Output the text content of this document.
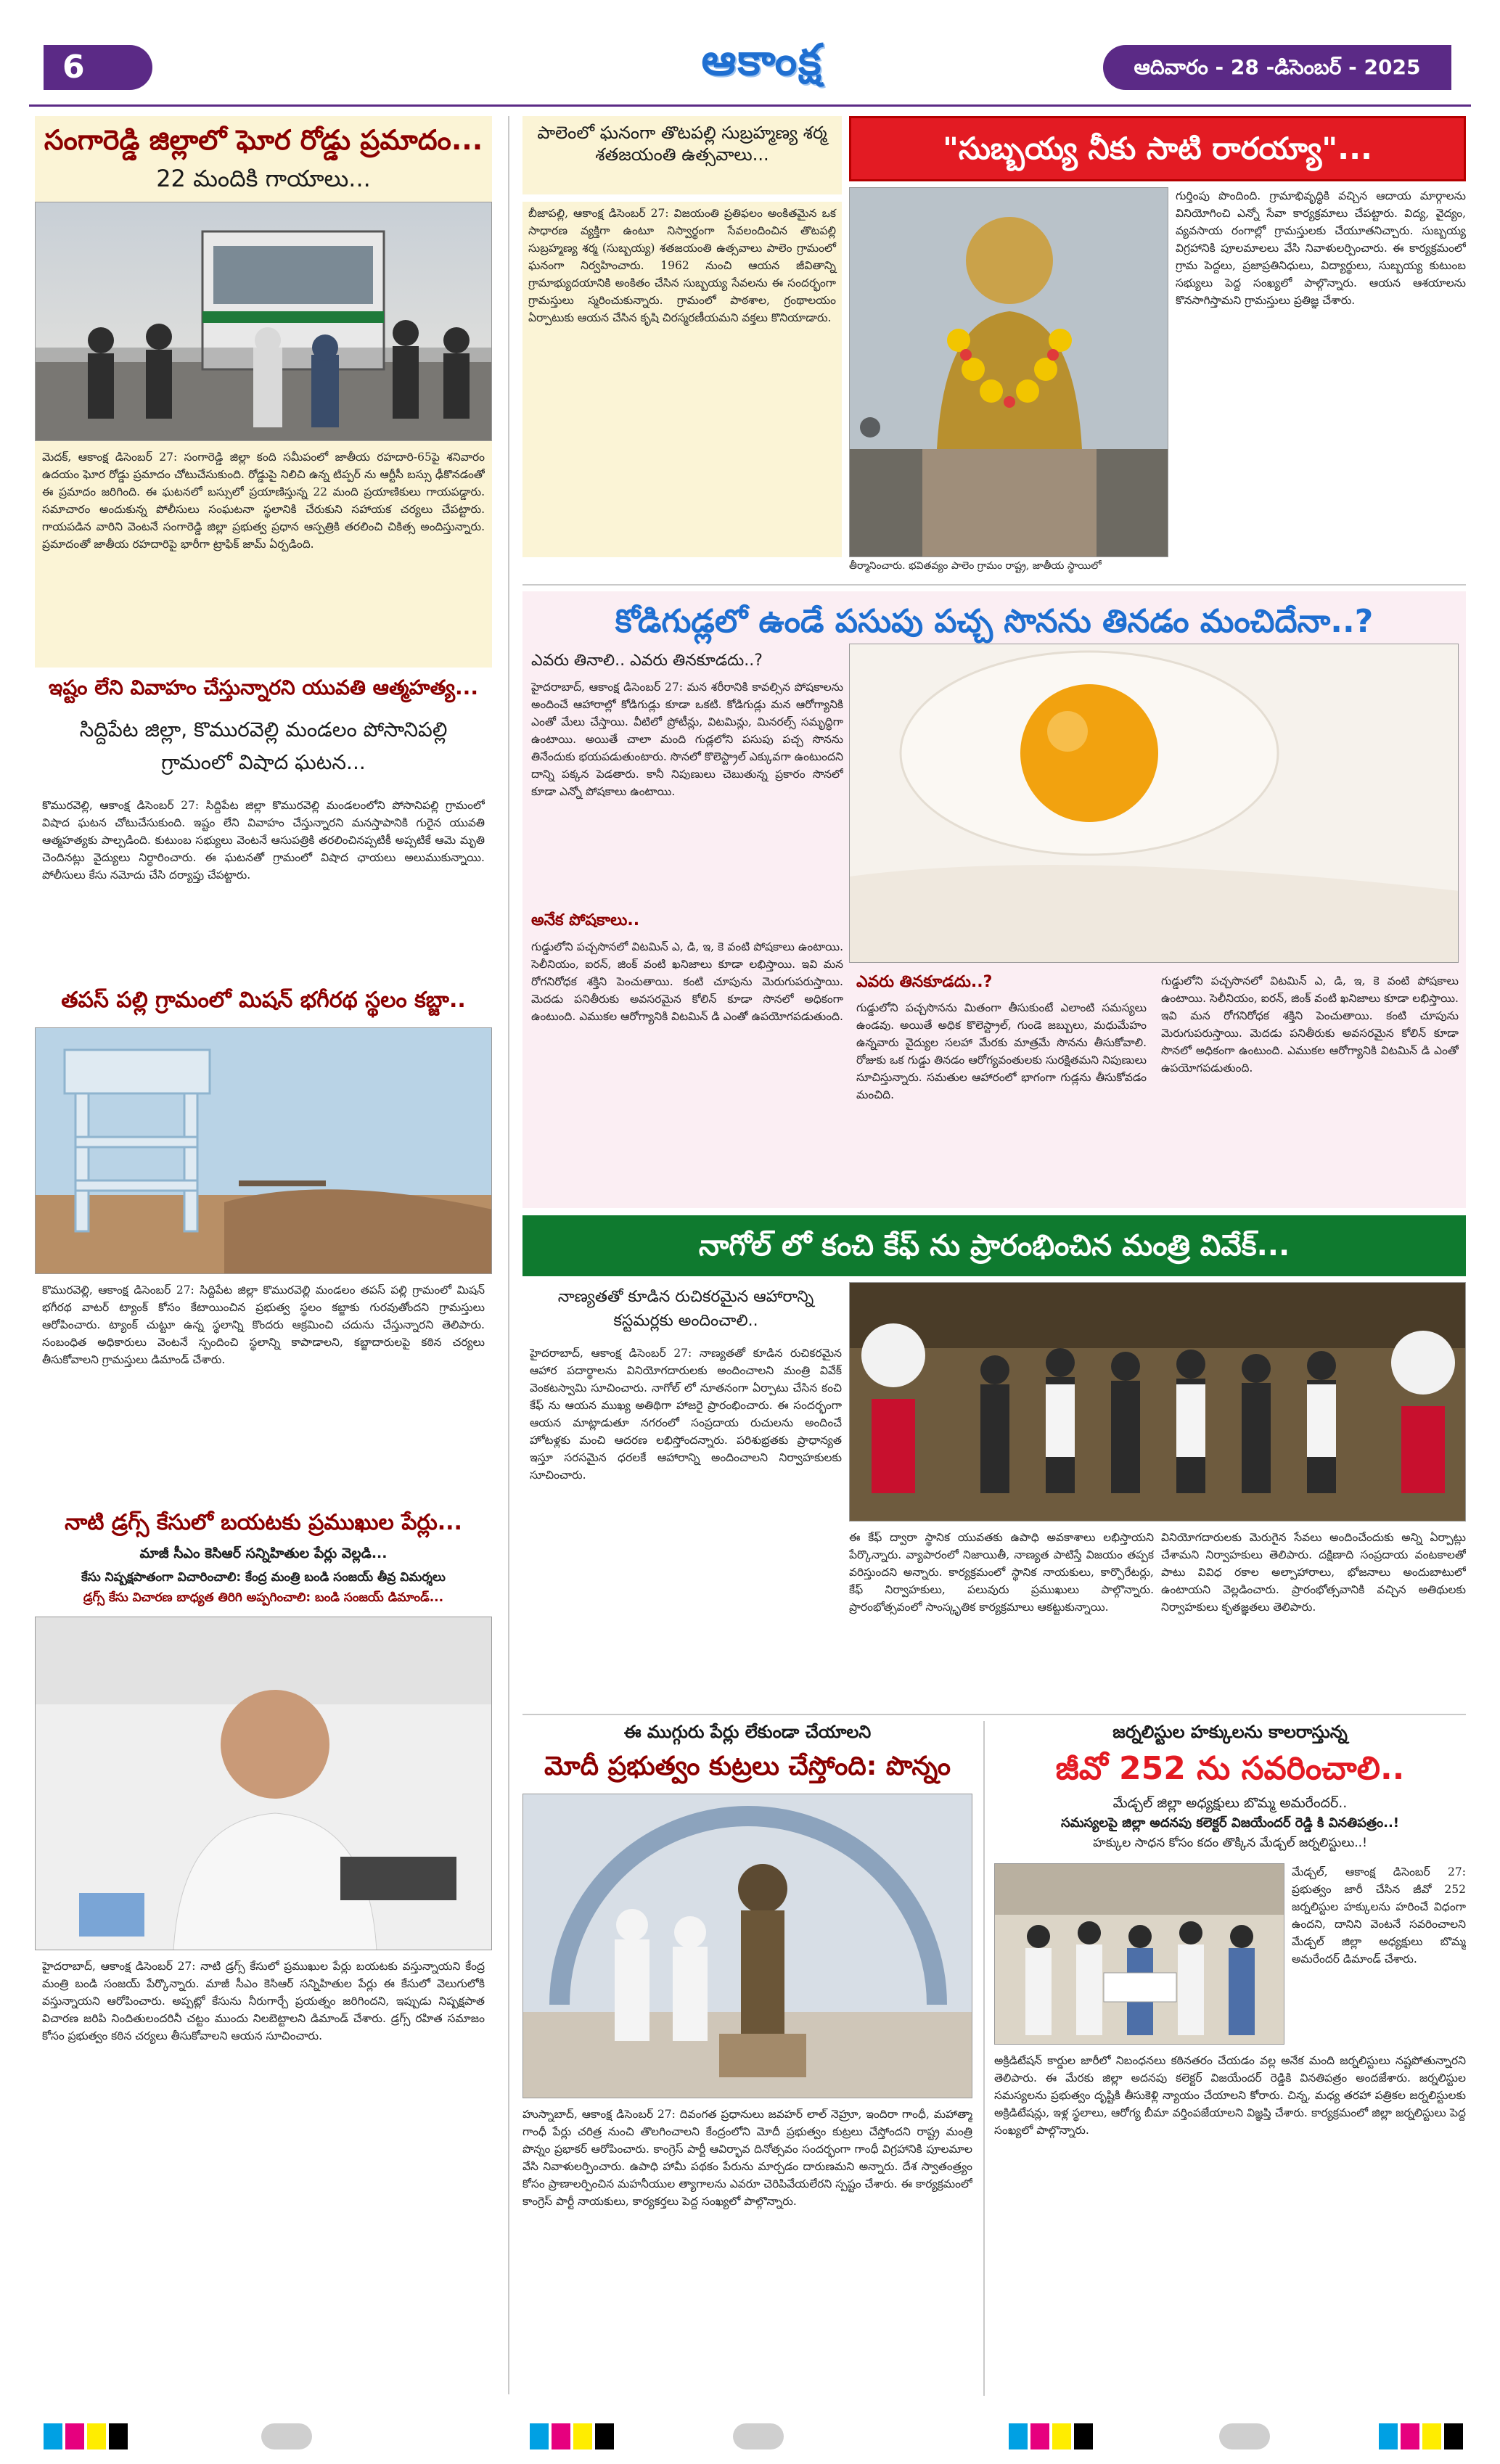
6	ఆకాంక్ష	ఆదివారం - 28 -డిసెంబర్ - 2025
సంగారెడ్డి జిల్లాలో ఘోర రోడ్డు ప్రమాదం...
22 మందికి గాయాలు...
మెదక్, ఆకాంక్ష డిసెంబర్ 27: సంగారెడ్డి జిల్లా కంది సమీపంలో జాతీయ రహదారి-65పై శనివారం ఉదయం ఘోర రోడ్డు ప్రమాదం చోటుచేసుకుంది. రోడ్డుపై నిలిచి ఉన్న టిప్పర్ ను ఆర్టీసీ బస్సు ఢీకొనడంతో ఈ ప్రమాదం జరిగింది. ఈ ఘటనలో బస్సులో ప్రయాణిస్తున్న 22 మంది ప్రయాణికులు గాయపడ్డారు. సమాచారం అందుకున్న పోలీసులు సంఘటనా స్థలానికి చేరుకుని సహాయక చర్యలు చేపట్టారు. గాయపడిన వారిని వెంటనే సంగారెడ్డి జిల్లా ప్రభుత్వ ప్రధాన ఆస్పత్రికి తరలించి చికిత్స అందిస్తున్నారు. ప్రమాదంతో జాతీయ రహదారిపై భారీగా ట్రాఫిక్ జామ్ ఏర్పడింది.
ఇష్టం లేని వివాహం చేస్తున్నారని యువతి ఆత్మహత్య...
సిద్దిపేట జిల్లా, కొమురవెల్లి మండలం పోసానిపల్లి గ్రామంలో విషాద ఘటన...
కొమురవెల్లి, ఆకాంక్ష డిసెంబర్ 27: సిద్దిపేట జిల్లా కొమురవెల్లి మండలంలోని పోసానిపల్లి గ్రామంలో విషాద ఘటన చోటుచేసుకుంది. ఇష్టం లేని వివాహం చేస్తున్నారని మనస్తాపానికి గురైన యువతి ఆత్మహత్యకు పాల్పడింది. కుటుంబ సభ్యులు వెంటనే ఆసుపత్రికి తరలించినప్పటికీ అప్పటికే ఆమె మృతి చెందినట్లు వైద్యులు నిర్ధారించారు. ఈ ఘటనతో గ్రామంలో విషాద ఛాయలు అలుముకున్నాయి. పోలీసులు కేసు నమోదు చేసి దర్యాప్తు చేపట్టారు.
తపస్ పల్లి గ్రామంలో మిషన్ భగీరథ స్థలం కబ్జా..
కొమురవెల్లి, ఆకాంక్ష డిసెంబర్ 27: సిద్దిపేట జిల్లా కొమురవెల్లి మండలం తపస్ పల్లి గ్రామంలో మిషన్ భగీరథ వాటర్ ట్యాంక్ కోసం కేటాయించిన ప్రభుత్వ స్థలం కబ్జాకు గురవుతోందని గ్రామస్తులు ఆరోపించారు. ట్యాంక్ చుట్టూ ఉన్న స్థలాన్ని కొందరు ఆక్రమించి చదును చేస్తున్నారని తెలిపారు. సంబంధిత అధికారులు వెంటనే స్పందించి స్థలాన్ని కాపాడాలని, కబ్జాదారులపై కఠిన చర్యలు తీసుకోవాలని గ్రామస్తులు డిమాండ్ చేశారు.
నాటి డ్రగ్స్ కేసులో బయటకు ప్రముఖుల పేర్లు...
మాజీ సీఎం కెసిఆర్ సన్నిహితుల పేర్లు వెల్లడి...
కేసు నిష్పక్షపాతంగా విచారించాలి: కేంద్ర మంత్రి బండి సంజయ్ తీవ్ర విమర్శలు
డ్రగ్స్ కేసు విచారణ బాధ్యత తిరిగి అప్పగించాలి: బండి సంజయ్ డిమాండ్...
హైదరాబాద్, ఆకాంక్ష డిసెంబర్ 27: నాటి డ్రగ్స్ కేసులో ప్రముఖుల పేర్లు బయటకు వస్తున్నాయని కేంద్ర మంత్రి బండి సంజయ్ పేర్కొన్నారు. మాజీ సీఎం కెసిఆర్ సన్నిహితుల పేర్లు ఈ కేసులో వెలుగులోకి వస్తున్నాయని ఆరోపించారు. అప్పట్లో కేసును నీరుగార్చే ప్రయత్నం జరిగిందని, ఇప్పుడు నిష్పక్షపాత విచారణ జరిపి నిందితులందరినీ చట్టం ముందు నిలబెట్టాలని డిమాండ్ చేశారు. డ్రగ్స్ రహిత సమాజం కోసం ప్రభుత్వం కఠిన చర్యలు తీసుకోవాలని ఆయన సూచించారు.
పాలెంలో ఘనంగా తొటపల్లి సుబ్రహ్మణ్య శర్మ శతజయంతి ఉత్సవాలు...	"సుబ్బయ్య నీకు సాటి రారయ్యా"...
బీజాపల్లి, ఆకాంక్ష డిసెంబర్ 27: విజయంతి ప్రతిఫలం అంకితమైన ఒక సాధారణ వ్యక్తిగా ఉంటూ నిస్వార్థంగా సేవలందించిన తొటపల్లి సుబ్రహ్మణ్య శర్మ (సుబ్బయ్య) శతజయంతి ఉత్సవాలు పాలెం గ్రామంలో ఘనంగా నిర్వహించారు. 1962 నుంచి ఆయన జీవితాన్ని గ్రామాభ్యుదయానికి అంకితం చేసిన సుబ్బయ్య సేవలను ఈ సందర్భంగా గ్రామస్తులు స్మరించుకున్నారు. గ్రామంలో పాఠశాల, గ్రంథాలయం ఏర్పాటుకు ఆయన చేసిన కృషి చిరస్మరణీయమని వక్తలు కొనియాడారు.
గుర్తింపు పొందింది. గ్రామాభివృద్ధికి వచ్చిన ఆదాయ మార్గాలను వినియోగించి ఎన్నో సేవా కార్యక్రమాలు చేపట్టారు. విద్య, వైద్యం, వ్యవసాయ రంగాల్లో గ్రామస్తులకు చేయూతనిచ్చారు. సుబ్బయ్య విగ్రహానికి పూలమాలలు వేసి నివాళులర్పించారు. ఈ కార్యక్రమంలో గ్రామ పెద్దలు, ప్రజాప్రతినిధులు, విద్యార్థులు, సుబ్బయ్య కుటుంబ సభ్యులు పెద్ద సంఖ్యలో పాల్గొన్నారు. ఆయన ఆశయాలను కొనసాగిస్తామని గ్రామస్తులు ప్రతిజ్ఞ చేశారు.
తీర్మానించారు. భవితవ్యం పాలెం గ్రామం రాష్ట్ర, జాతీయ స్థాయిలో
కోడిగుడ్లలో ఉండే పసుపు పచ్చ సొనను తినడం మంచిదేనా..?
ఎవరు తినాలి.. ఎవరు తినకూడదు..?
హైదరాబాద్, ఆకాంక్ష డిసెంబర్ 27: మన శరీరానికి కావల్సిన పోషకాలను అందించే ఆహారాల్లో కోడిగుడ్లు కూడా ఒకటి. కోడిగుడ్లు మన ఆరోగ్యానికి ఎంతో మేలు చేస్తాయి. వీటిలో ప్రోటీన్లు, విటమిన్లు, మినరల్స్ సమృద్ధిగా ఉంటాయి. అయితే చాలా మంది గుడ్లలోని పసుపు పచ్చ సొనను తినేందుకు భయపడుతుంటారు. సొనలో కొలెస్ట్రాల్ ఎక్కువగా ఉంటుందని దాన్ని పక్కన పెడతారు. కానీ నిపుణులు చెబుతున్న ప్రకారం సొనలో కూడా ఎన్నో పోషకాలు ఉంటాయి.
అనేక పోషకాలు..
గుడ్డులోని పచ్చసొనలో విటమిన్ ఎ, డి, ఇ, కె వంటి పోషకాలు ఉంటాయి. సెలీనియం, ఐరన్, జింక్ వంటి ఖనిజాలు కూడా లభిస్తాయి. ఇవి మన రోగనిరోధక శక్తిని పెంచుతాయి. కంటి చూపును మెరుగుపరుస్తాయి. మెదడు పనితీరుకు అవసరమైన కోలిన్ కూడా సొనలో అధికంగా ఉంటుంది. ఎముకల ఆరోగ్యానికి విటమిన్ డి ఎంతో ఉపయోగపడుతుంది.
ఎవరు తినకూడదు..?
గుడ్డులోని పచ్చసొనను మితంగా తీసుకుంటే ఎలాంటి సమస్యలు ఉండవు. అయితే అధిక కొలెస్ట్రాల్, గుండె జబ్బులు, మధుమేహం ఉన్నవారు వైద్యుల సలహా మేరకు మాత్రమే సొనను తీసుకోవాలి. రోజుకు ఒక గుడ్డు తినడం ఆరోగ్యవంతులకు సురక్షితమని నిపుణులు సూచిస్తున్నారు. సమతుల ఆహారంలో భాగంగా గుడ్లను తీసుకోవడం మంచిది.
గుడ్డులోని పచ్చసొనలో విటమిన్ ఎ, డి, ఇ, కె వంటి పోషకాలు ఉంటాయి. సెలీనియం, ఐరన్, జింక్ వంటి ఖనిజాలు కూడా లభిస్తాయి. ఇవి మన రోగనిరోధక శక్తిని పెంచుతాయి. కంటి చూపును మెరుగుపరుస్తాయి. మెదడు పనితీరుకు అవసరమైన కోలిన్ కూడా సొనలో అధికంగా ఉంటుంది. ఎముకల ఆరోగ్యానికి విటమిన్ డి ఎంతో ఉపయోగపడుతుంది.
నాగోల్ లో కంచి కేఫ్ ను ప్రారంభించిన మంత్రి వివేక్...
నాణ్యతతో కూడిన రుచికరమైన ఆహారాన్ని కస్టమర్లకు అందించాలి..
హైదరాబాద్, ఆకాంక్ష డిసెంబర్ 27: నాణ్యతతో కూడిన రుచికరమైన ఆహార పదార్థాలను వినియోగదారులకు అందించాలని మంత్రి వివేక్ వెంకటస్వామి సూచించారు. నాగోల్ లో నూతనంగా ఏర్పాటు చేసిన కంచి కేఫ్ ను ఆయన ముఖ్య అతిథిగా హాజరై ప్రారంభించారు. ఈ సందర్భంగా ఆయన మాట్లాడుతూ నగరంలో సంప్రదాయ రుచులను అందించే హోటళ్లకు మంచి ఆదరణ లభిస్తోందన్నారు. పరిశుభ్రతకు ప్రాధాన్యత ఇస్తూ సరసమైన ధరలకే ఆహారాన్ని అందించాలని నిర్వాహకులకు సూచించారు.
ఈ కేఫ్ ద్వారా స్థానిక యువతకు ఉపాధి అవకాశాలు లభిస్తాయని పేర్కొన్నారు. వ్యాపారంలో నిజాయితీ, నాణ్యత పాటిస్తే విజయం తప్పక వరిస్తుందని అన్నారు. కార్యక్రమంలో స్థానిక నాయకులు, కార్పొరేటర్లు, కేఫ్ నిర్వాహకులు, పలువురు ప్రముఖులు పాల్గొన్నారు. ప్రారంభోత్సవంలో సాంస్కృతిక కార్యక్రమాలు ఆకట్టుకున్నాయి.
వినియోగదారులకు మెరుగైన సేవలు అందించేందుకు అన్ని ఏర్పాట్లు చేశామని నిర్వాహకులు తెలిపారు. దక్షిణాది సంప్రదాయ వంటకాలతో పాటు వివిధ రకాల అల్పాహారాలు, భోజనాలు అందుబాటులో ఉంటాయని వెల్లడించారు. ప్రారంభోత్సవానికి వచ్చిన అతిథులకు నిర్వాహకులు కృతజ్ఞతలు తెలిపారు.
ఈ ముగ్గురు పేర్లు లేకుండా చేయాలని
మోదీ ప్రభుత్వం కుట్రలు చేస్తోంది: పొన్నం
హుస్నాబాద్, ఆకాంక్ష డిసెంబర్ 27: దివంగత ప్రధానులు జవహర్ లాల్ నెహ్రూ, ఇందిరా గాంధీ, మహాత్మా గాంధీ పేర్లు చరిత్ర నుంచి తొలగించాలని కేంద్రంలోని మోదీ ప్రభుత్వం కుట్రలు చేస్తోందని రాష్ట్ర మంత్రి పొన్నం ప్రభాకర్ ఆరోపించారు. కాంగ్రెస్ పార్టీ ఆవిర్భావ దినోత్సవం సందర్భంగా గాంధీ విగ్రహానికి పూలమాల వేసి నివాళులర్పించారు. ఉపాధి హామీ పథకం పేరును మార్చడం దారుణమని అన్నారు. దేశ స్వాతంత్ర్యం కోసం ప్రాణాలర్పించిన మహనీయుల త్యాగాలను ఎవరూ చెరిపివేయలేరని స్పష్టం చేశారు. ఈ కార్యక్రమంలో కాంగ్రెస్ పార్టీ నాయకులు, కార్యకర్తలు పెద్ద సంఖ్యలో పాల్గొన్నారు.
జర్నలిస్టుల హక్కులను కాలరాస్తున్న
జీవో 252 ను సవరించాలి..
మేడ్చల్ జిల్లా అధ్యక్షులు బొమ్మ అమరేందర్..
సమస్యలపై జిల్లా అదనపు కలెక్టర్ విజయేందర్ రెడ్డి కి వినతిపత్రం..!
హక్కుల సాధన కోసం కదం తొక్కిన మేడ్చల్ జర్నలిస్టులు..!
మేడ్చల్, ఆకాంక్ష డిసెంబర్ 27: ప్రభుత్వం జారీ చేసిన జీవో 252 జర్నలిస్టుల హక్కులను హరించే విధంగా ఉందని, దానిని వెంటనే సవరించాలని మేడ్చల్ జిల్లా అధ్యక్షులు బొమ్మ అమరేందర్ డిమాండ్ చేశారు.
అక్రిడిటేషన్ కార్డుల జారీలో నిబంధనలు కఠినతరం చేయడం వల్ల అనేక మంది జర్నలిస్టులు నష్టపోతున్నారని తెలిపారు. ఈ మేరకు జిల్లా అదనపు కలెక్టర్ విజయేందర్ రెడ్డికి వినతిపత్రం అందజేశారు. జర్నలిస్టుల సమస్యలను ప్రభుత్వం దృష్టికి తీసుకెళ్లి న్యాయం చేయాలని కోరారు. చిన్న, మధ్య తరహా పత్రికల జర్నలిస్టులకు అక్రిడిటేషన్లు, ఇళ్ల స్థలాలు, ఆరోగ్య బీమా వర్తింపజేయాలని విజ్ఞప్తి చేశారు. కార్యక్రమంలో జిల్లా జర్నలిస్టులు పెద్ద సంఖ్యలో పాల్గొన్నారు.
